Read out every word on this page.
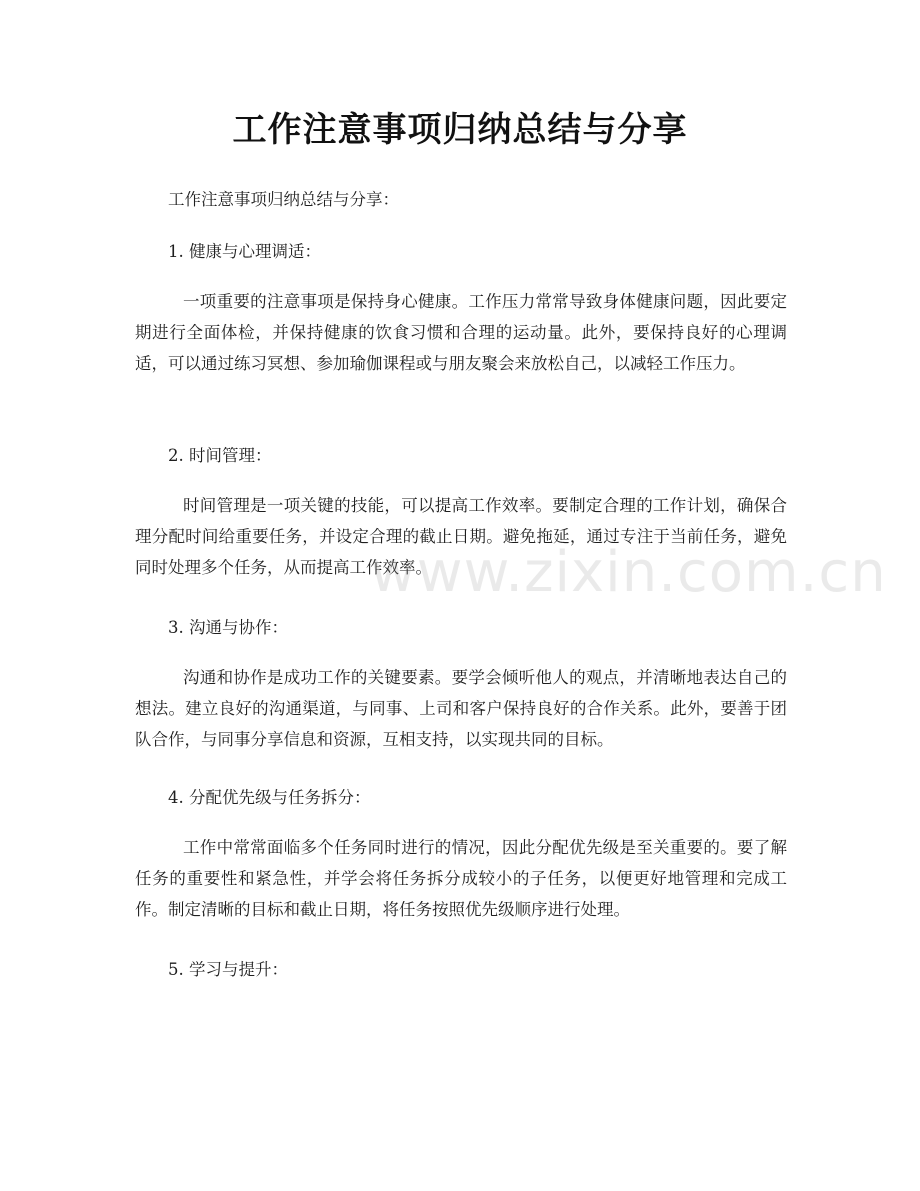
工作注意事项归纳总结与分享
工作注意事项归纳总结与分享：
1. 健康与心理调适：
一项重要的注意事项是保持身心健康。工作压力常常导致身体健康问题，因此要定期进行全面体检，并保持健康的饮食习惯和合理的运动量。此外，要保持良好的心理调适，可以通过练习冥想、参加瑜伽课程或与朋友聚会来放松自己，以减轻工作压力。
2. 时间管理：
时间管理是一项关键的技能，可以提高工作效率。要制定合理的工作计划，确保合理分配时间给重要任务，并设定合理的截止日期。避免拖延，通过专注于当前任务，避免同时处理多个任务，从而提高工作效率。
3. 沟通与协作：
沟通和协作是成功工作的关键要素。要学会倾听他人的观点，并清晰地表达自己的想法。建立良好的沟通渠道，与同事、上司和客户保持良好的合作关系。此外，要善于团队合作，与同事分享信息和资源，互相支持，以实现共同的目标。
4. 分配优先级与任务拆分：
工作中常常面临多个任务同时进行的情况，因此分配优先级是至关重要的。要了解任务的重要性和紧急性，并学会将任务拆分成较小的子任务，以便更好地管理和完成工作。制定清晰的目标和截止日期，将任务按照优先级顺序进行处理。
5. 学习与提升：
www.zixin.com.cn
